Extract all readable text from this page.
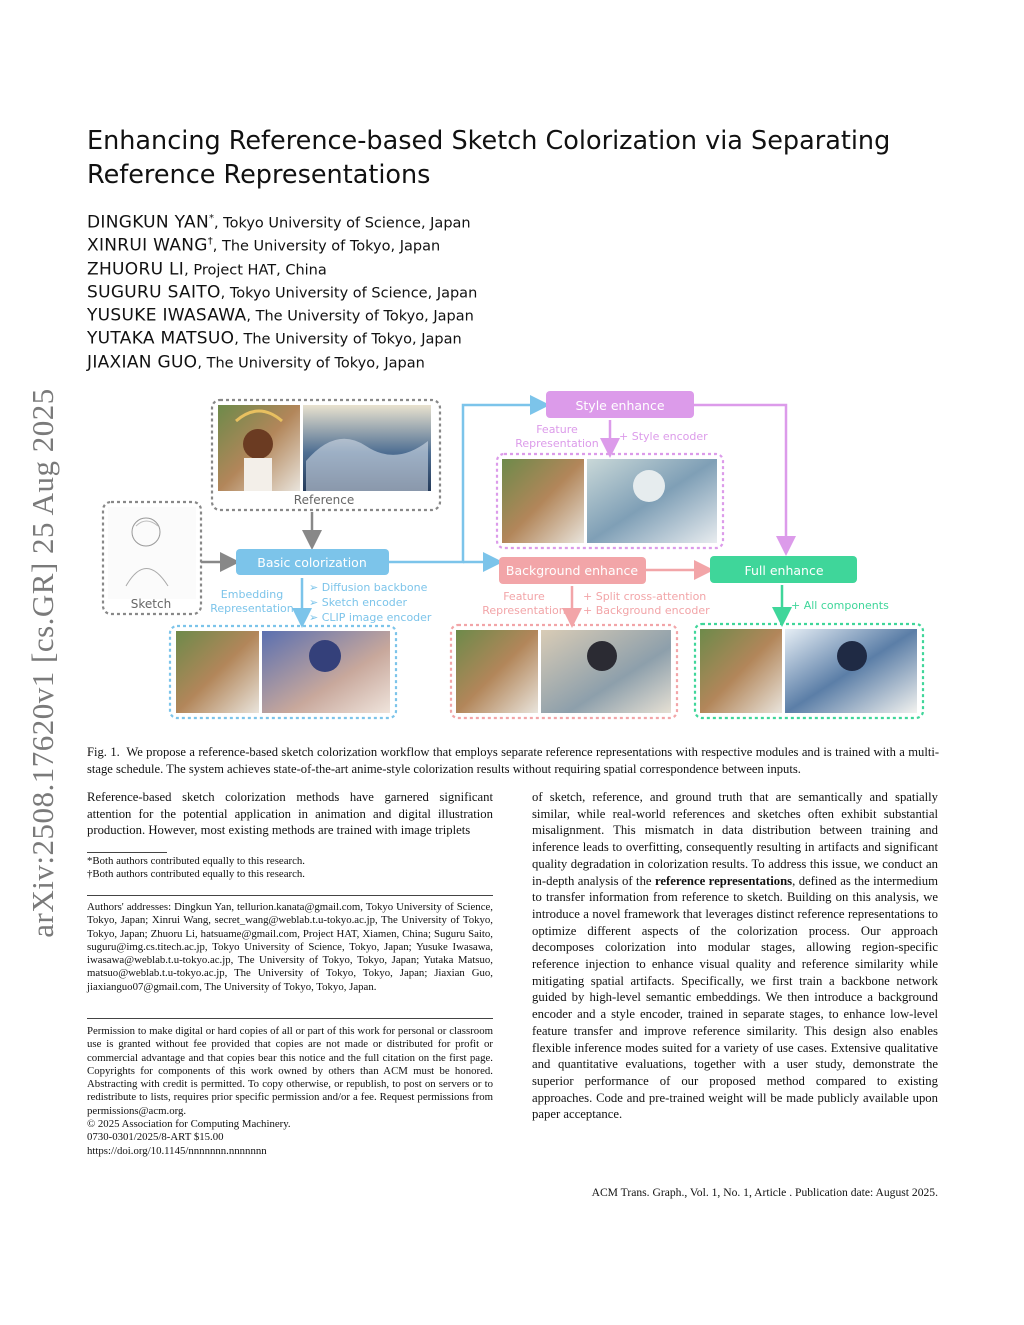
arXiv:2508.17620v1 [cs.GR] 25 Aug 2025
Enhancing Reference-based Sketch Colorization via Separating Reference Representations
DINGKUN YAN*, Tokyo University of Science, Japan
XINRUI WANG†, The University of Tokyo, Japan
ZHUORU LI, Project HAT, China
SUGURU SAITO, Tokyo University of Science, Japan
YUSUKE IWASAWA, The University of Tokyo, Japan
YUTAKA MATSUO, The University of Tokyo, Japan
JIAXIAN GUO, The University of Tokyo, Japan
Reference
Sketch
Basic colorization
Embedding
Representation
➢ Diffusion backbone
➢ Sketch encoder
➢ CLIP image encoder
Style enhance
Feature
Representation
+ Style encoder
Background enhance
Feature
Representation
+ Split cross-attention
+ Background encoder
Full enhance
+ All components
Fig. 1. We propose a reference-based sketch colorization workflow that employs separate reference representations with respective modules and is trained with a multi-stage schedule. The system achieves state-of-the-art anime-style colorization results without requiring spatial correspondence between inputs.
Reference-based sketch colorization methods have garnered significant attention for the potential application in animation and digital illustration production. However, most existing methods are trained with image triplets
*Both authors contributed equally to this research.
†Both authors contributed equally to this research.
Authors' addresses: Dingkun Yan, tellurion.kanata@gmail.com, Tokyo University of Science, Tokyo, Japan; Xinrui Wang, secret_wang@weblab.t.u-tokyo.ac.jp, The University of Tokyo, Tokyo, Japan; Zhuoru Li, hatsuame@gmail.com, Project HAT, Xiamen, China; Suguru Saito, suguru@img.cs.titech.ac.jp, Tokyo University of Science, Tokyo, Japan; Yusuke Iwasawa, iwasawa@weblab.t.u-tokyo.ac.jp, The University of Tokyo, Tokyo, Japan; Yutaka Matsuo, matsuo@weblab.t.u-tokyo.ac.jp, The University of Tokyo, Tokyo, Japan; Jiaxian Guo, jiaxianguo07@gmail.com, The University of Tokyo, Tokyo, Japan.
Permission to make digital or hard copies of all or part of this work for personal or classroom use is granted without fee provided that copies are not made or distributed for profit or commercial advantage and that copies bear this notice and the full citation on the first page. Copyrights for components of this work owned by others than ACM must be honored. Abstracting with credit is permitted. To copy otherwise, or republish, to post on servers or to redistribute to lists, requires prior specific permission and/or a fee. Request permissions from permissions@acm.org.
© 2025 Association for Computing Machinery.
0730-0301/2025/8-ART $15.00
https://doi.org/10.1145/nnnnnnn.nnnnnnn
of sketch, reference, and ground truth that are semantically and spatially similar, while real-world references and sketches often exhibit substantial misalignment. This mismatch in data distribution between training and inference leads to overfitting, consequently resulting in artifacts and significant quality degradation in colorization results. To address this issue, we conduct an in-depth analysis of the reference representations, defined as the intermedium to transfer information from reference to sketch. Building on this analysis, we introduce a novel framework that leverages distinct reference representations to optimize different aspects of the colorization process. Our approach decomposes colorization into modular stages, allowing region-specific reference injection to enhance visual quality and reference similarity while mitigating spatial artifacts. Specifically, we first train a backbone network guided by high-level semantic embeddings. We then introduce a background encoder and a style encoder, trained in separate stages, to enhance low-level feature transfer and improve reference similarity. This design also enables flexible inference modes suited for a variety of use cases. Extensive qualitative and quantitative evaluations, together with a user study, demonstrate the superior performance of our proposed method compared to existing approaches. Code and pre-trained weight will be made publicly available upon paper acceptance.
ACM Trans. Graph., Vol. 1, No. 1, Article . Publication date: August 2025.
